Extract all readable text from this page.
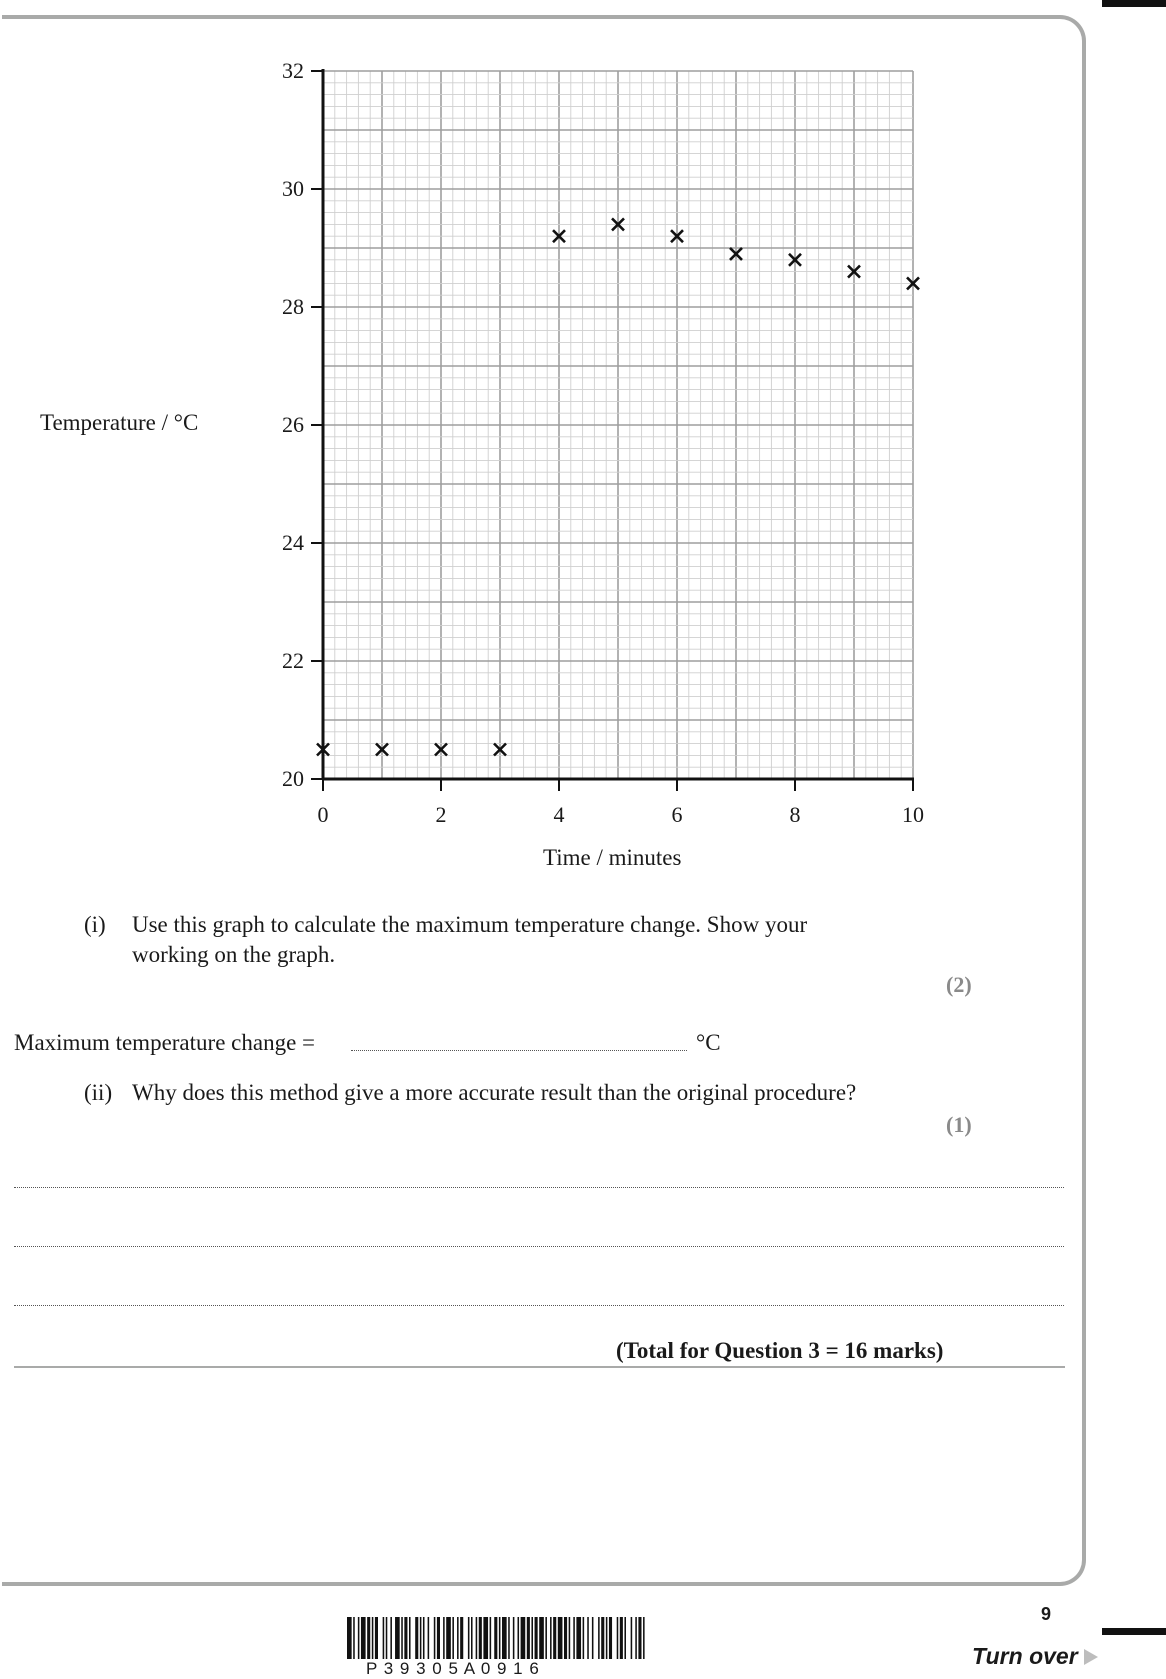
20
22
24
26
28
30
32
0	2	4	6	8	10
Temperature / °C
Time / minutes
(i) Use this graph to calculate the maximum temperature change. Show your
working on the graph.
(2)
Maximum temperature change =	°C
(ii) Why does this method give a more accurate result than the original procedure?
(1)
(Total for Question 3 = 16 marks)
P 3 9 3 0 5 A 0 9 1 6
9
Turn over
